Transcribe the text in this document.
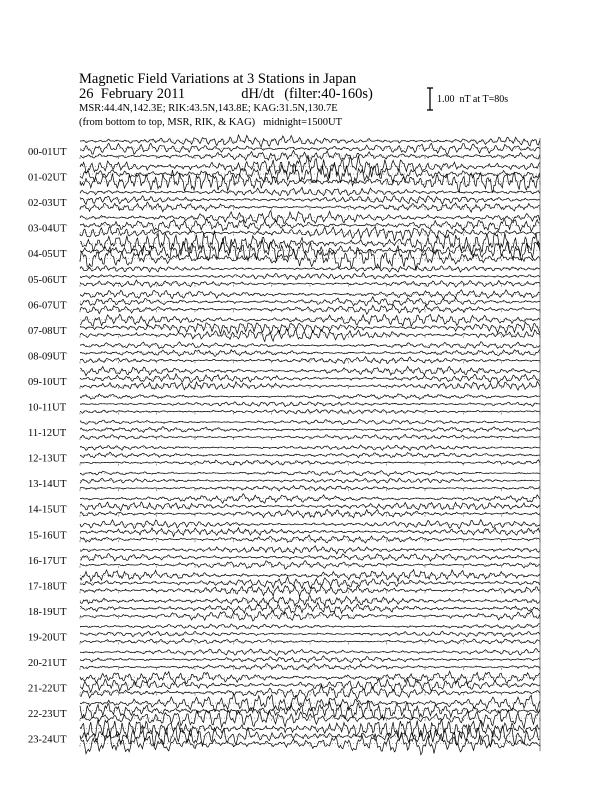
Magnetic Field Variations at 3 Stations in Japan
26  February 2011	dH/dt (filter:40-160s)
MSR:44.4N,142.3E; RIK:43.5N,143.8E; KAG:31.5N,130.7E
(from bottom to top, MSR, RIK, & KAG) midnight=1500UT
1.00  nT at T=80s
00-01UT
01-02UT
02-03UT
03-04UT
04-05UT
05-06UT
06-07UT
07-08UT
08-09UT
09-10UT
10-11UT
11-12UT
12-13UT
13-14UT
14-15UT
15-16UT
16-17UT
17-18UT
18-19UT
19-20UT
20-21UT
21-22UT
22-23UT
23-24UT
